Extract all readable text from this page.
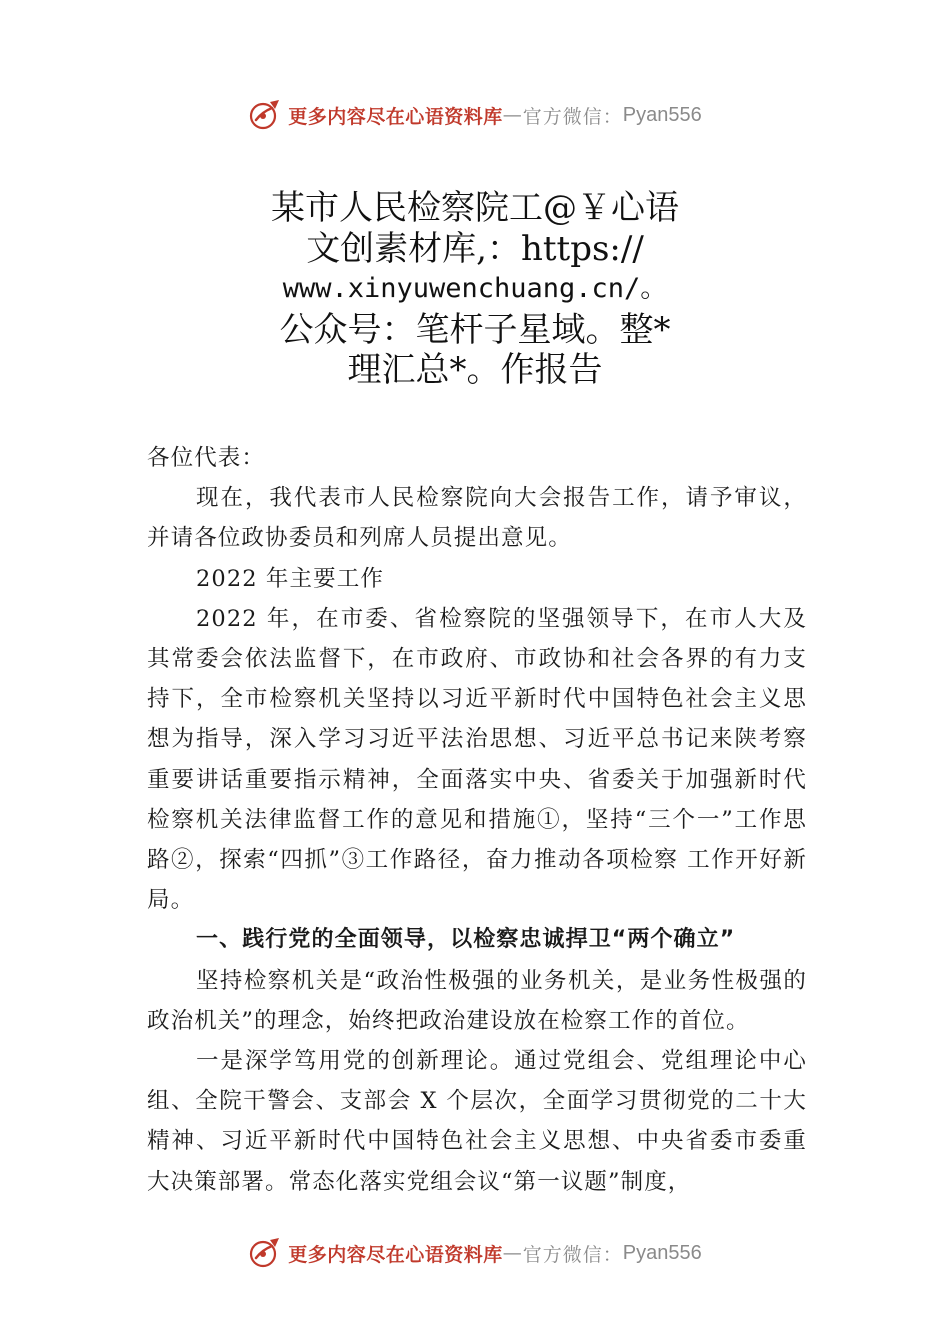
更多内容尽在心语资料库 — 官方微信： Pyan556
某市人民检察院工@￥心语
文创素材库,：https://
www.xinyuwenchuang.cn/。
公众号：笔杆子星域。整*
理汇总*。作报告

各位代表：

现在，我代表市人民检察院向大会报告工作，请予审议，并请各位政协委员和列席人员提出意见。

2022 年主要工作

2022 年，在市委、省检察院的坚强领导下，在市人大及其常委会依法监督下，在市政府、市政协和社会各界的有力支持下，全市检察机关坚持以习近平新时代中国特色社会主义思想为指导，深入学习习近平法治思想、习近平总书记来陕考察重要讲话重要指示精神，全面落实中央、省委关于加强新时代检察机关法律监督工作的意见和措施①，坚持“三个一”工作思路②，探索“四抓”③工作路径，奋力推动各项检察 工作开好新局。

一、践行党的全面领导，以检察忠诚捍卫“两个确立”

坚持检察机关是“政治性极强的业务机关，是业务性极强的政治机关”的理念，始终把政治建设放在检察工作的首位。

一是深学笃用党的创新理论。通过党组会、党组理论中心组、全院干警会、支部会 X 个层次，全面学习贯彻党的二十大精神、习近平新时代中国特色社会主义思想、中央省委市委重大决策部署。常态化落实党组会议“第一议题”制度，

更多内容尽在心语资料库 — 官方微信： Pyan556
